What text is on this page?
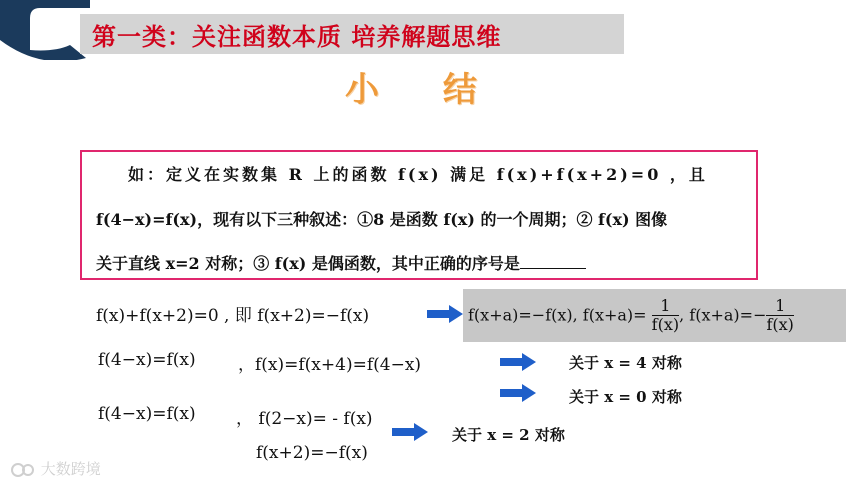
第一类：关注函数本质 培养解题思维
小 结
如：定义在实数集 R 上的函数 f(x) 满足 f(x)+f(x+2)=0 ，且
f(4−x)=f(x)，现有以下三种叙述：①8 是函数 f(x) 的一个周期；② f(x) 图像
关于直线 x=2 对称；③ f(x) 是偶函数，其中正确的序号是
f(x)+f(x+2)=0 , 即 f(x+2)=−f(x)	f(x+a)=−f(x), $f(x+a)= \frac{1}{f(x)}$ , $f(x+a)=- \frac{1}{f(x)}$
f(4−x)=f(x) ，f(x)=f(x+4)=f(4−x)	关于 x = 4 对称
关于 x = 0 对称
f(4−x)=f(x) ， f(2−x)= - f(x)
关于 x = 2 对称
f(x+2)=−f(x)
大数跨境
